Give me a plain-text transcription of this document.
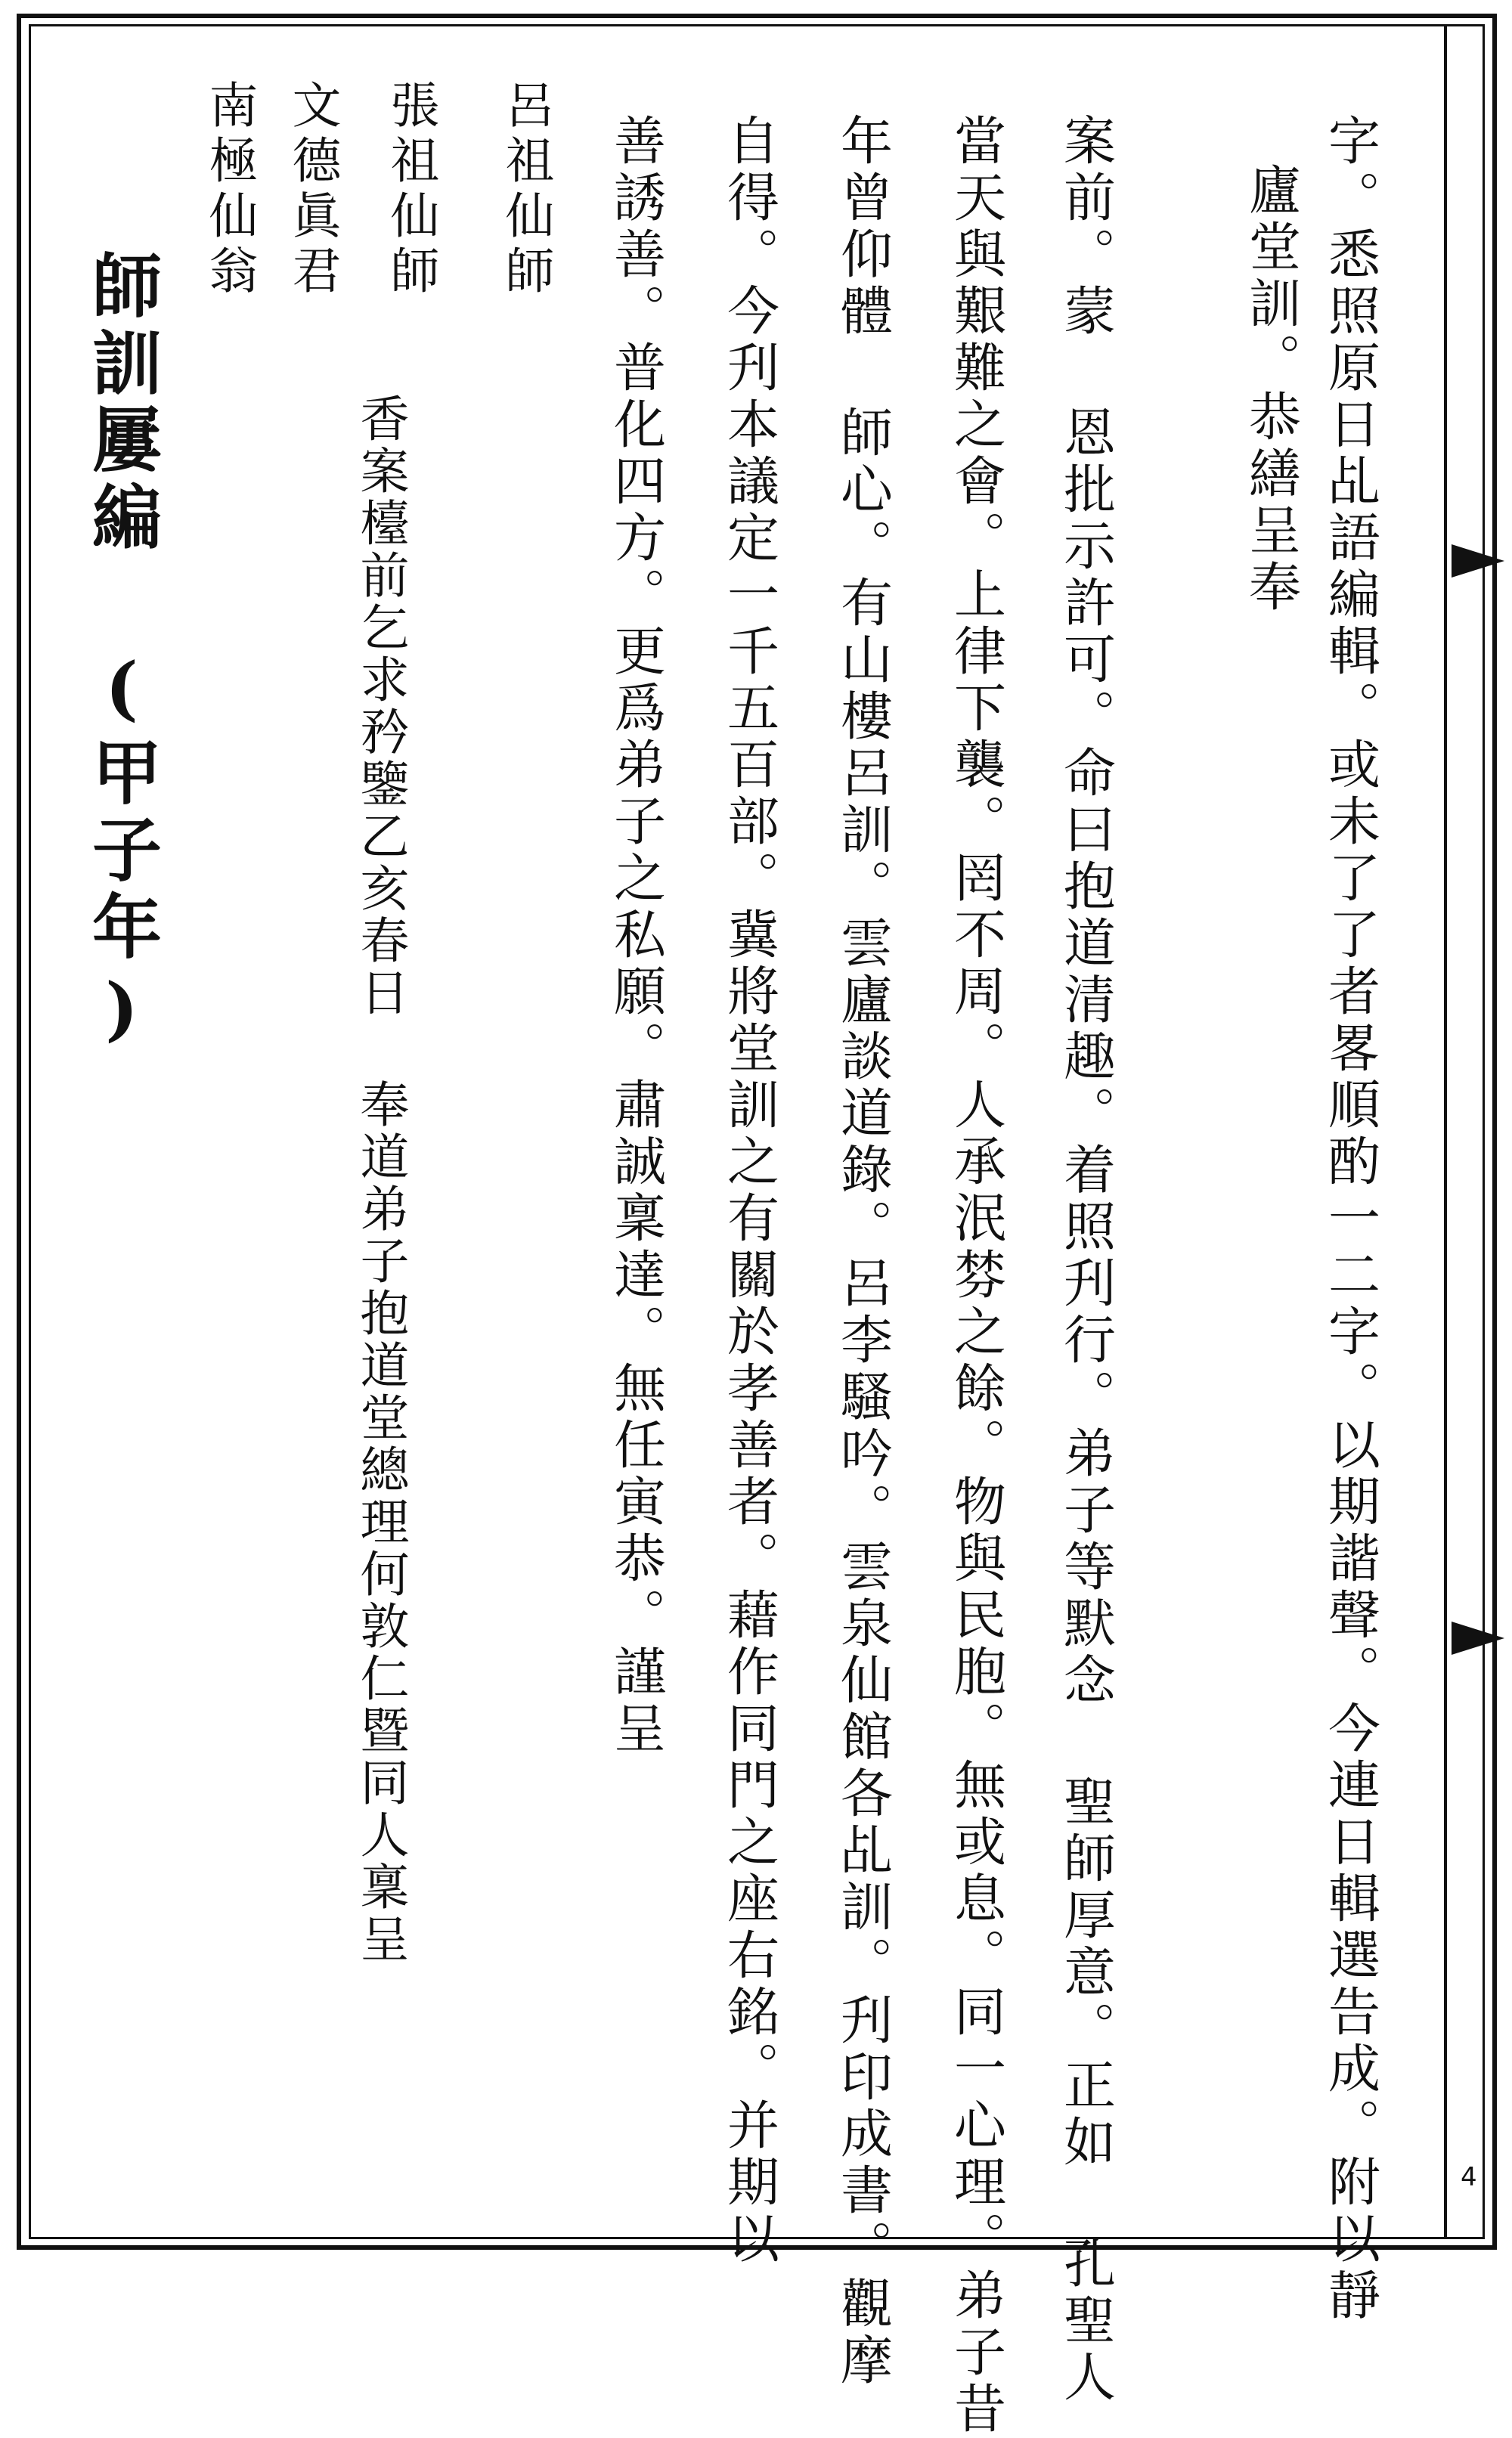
4
字。悉照原日乩語編輯。或未了了者畧順酌一二字。以期諧聲。今連日輯選告成。附以靜
廬堂訓。恭繕呈奉
案前。蒙 恩批示許可。命曰抱道清趣。着照刋行。弟子等默念 聖師厚意。正如 孔聖人
當天與艱難之會。上律下襲。罔不周。人承泯棼之餘。物與民胞。無或息。同一心理。弟子昔
年曾仰體 師心。有山樓呂訓。雲廬談道錄。呂李騷吟。雲泉仙館各乩訓。刋印成書。觀摩
自得。今刋本議定一千五百部。冀將堂訓之有關於孝善者。藉作同門之座右銘。并期以
善誘善。普化四方。更爲弟子之私願。肅誠稟達。無任寅恭。謹呈
呂祖仙師
張祖仙師
文德眞君
南極仙翁
香案檯前乞求矜鑒乙亥春日 奉道弟子抱道堂總理何敦仁暨同人稟呈
師訓屢編 (甲子年)
